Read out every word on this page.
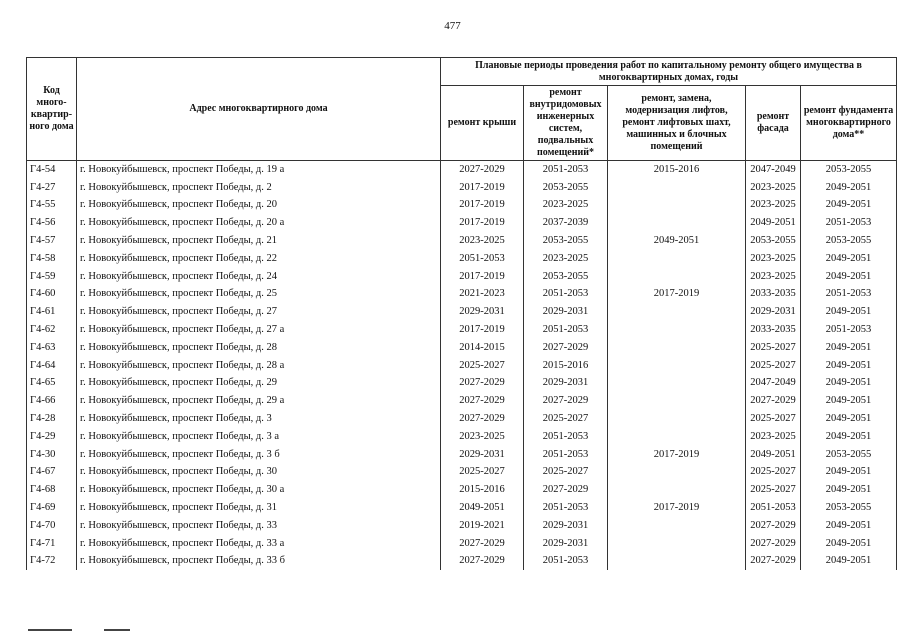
477
Код много-квартир-ного дома	Адрес многоквартирного дома	Плановые периоды проведения работ по капитальному ремонту общего имущества в многоквартирных домах, годы				
		ремонт крыши	ремонт внутридомовых инженерных систем, подвальных помещений*	ремонт, замена, модернизация лифтов, ремонт лифтовых шахт, машинных и блочных помещений	ремонт фасада	ремонт фундамента многоквартирного дома**
Г4-54	г. Новокуйбышевск, проспект Победы, д. 19 а	2027-2029	2051-2053	2015-2016	2047-2049	2053-2055
Г4-27	г. Новокуйбышевск, проспект Победы, д. 2	2017-2019	2053-2055		2023-2025	2049-2051
Г4-55	г. Новокуйбышевск, проспект Победы, д. 20	2017-2019	2023-2025		2023-2025	2049-2051
Г4-56	г. Новокуйбышевск, проспект Победы, д. 20 а	2017-2019	2037-2039		2049-2051	2051-2053
Г4-57	г. Новокуйбышевск, проспект Победы, д. 21	2023-2025	2053-2055	2049-2051	2053-2055	2053-2055
Г4-58	г. Новокуйбышевск, проспект Победы, д. 22	2051-2053	2023-2025		2023-2025	2049-2051
Г4-59	г. Новокуйбышевск, проспект Победы, д. 24	2017-2019	2053-2055		2023-2025	2049-2051
Г4-60	г. Новокуйбышевск, проспект Победы, д. 25	2021-2023	2051-2053	2017-2019	2033-2035	2051-2053
Г4-61	г. Новокуйбышевск, проспект Победы, д. 27	2029-2031	2029-2031		2029-2031	2049-2051
Г4-62	г. Новокуйбышевск, проспект Победы, д. 27 а	2017-2019	2051-2053		2033-2035	2051-2053
Г4-63	г. Новокуйбышевск, проспект Победы, д. 28	2014-2015	2027-2029		2025-2027	2049-2051
Г4-64	г. Новокуйбышевск, проспект Победы, д. 28 а	2025-2027	2015-2016		2025-2027	2049-2051
Г4-65	г. Новокуйбышевск, проспект Победы, д. 29	2027-2029	2029-2031		2047-2049	2049-2051
Г4-66	г. Новокуйбышевск, проспект Победы, д. 29 а	2027-2029	2027-2029		2027-2029	2049-2051
Г4-28	г. Новокуйбышевск, проспект Победы, д. 3	2027-2029	2025-2027		2025-2027	2049-2051
Г4-29	г. Новокуйбышевск, проспект Победы, д. 3 а	2023-2025	2051-2053		2023-2025	2049-2051
Г4-30	г. Новокуйбышевск, проспект Победы, д. 3 б	2029-2031	2051-2053	2017-2019	2049-2051	2053-2055
Г4-67	г. Новокуйбышевск, проспект Победы, д. 30	2025-2027	2025-2027		2025-2027	2049-2051
Г4-68	г. Новокуйбышевск, проспект Победы, д. 30 а	2015-2016	2027-2029		2025-2027	2049-2051
Г4-69	г. Новокуйбышевск, проспект Победы, д. 31	2049-2051	2051-2053	2017-2019	2051-2053	2053-2055
Г4-70	г. Новокуйбышевск, проспект Победы, д. 33	2019-2021	2029-2031		2027-2029	2049-2051
Г4-71	г. Новокуйбышевск, проспект Победы, д. 33 а	2027-2029	2029-2031		2027-2029	2049-2051
Г4-72	г. Новокуйбышевск, проспект Победы, д. 33 б	2027-2029	2051-2053		2027-2029	2049-2051
